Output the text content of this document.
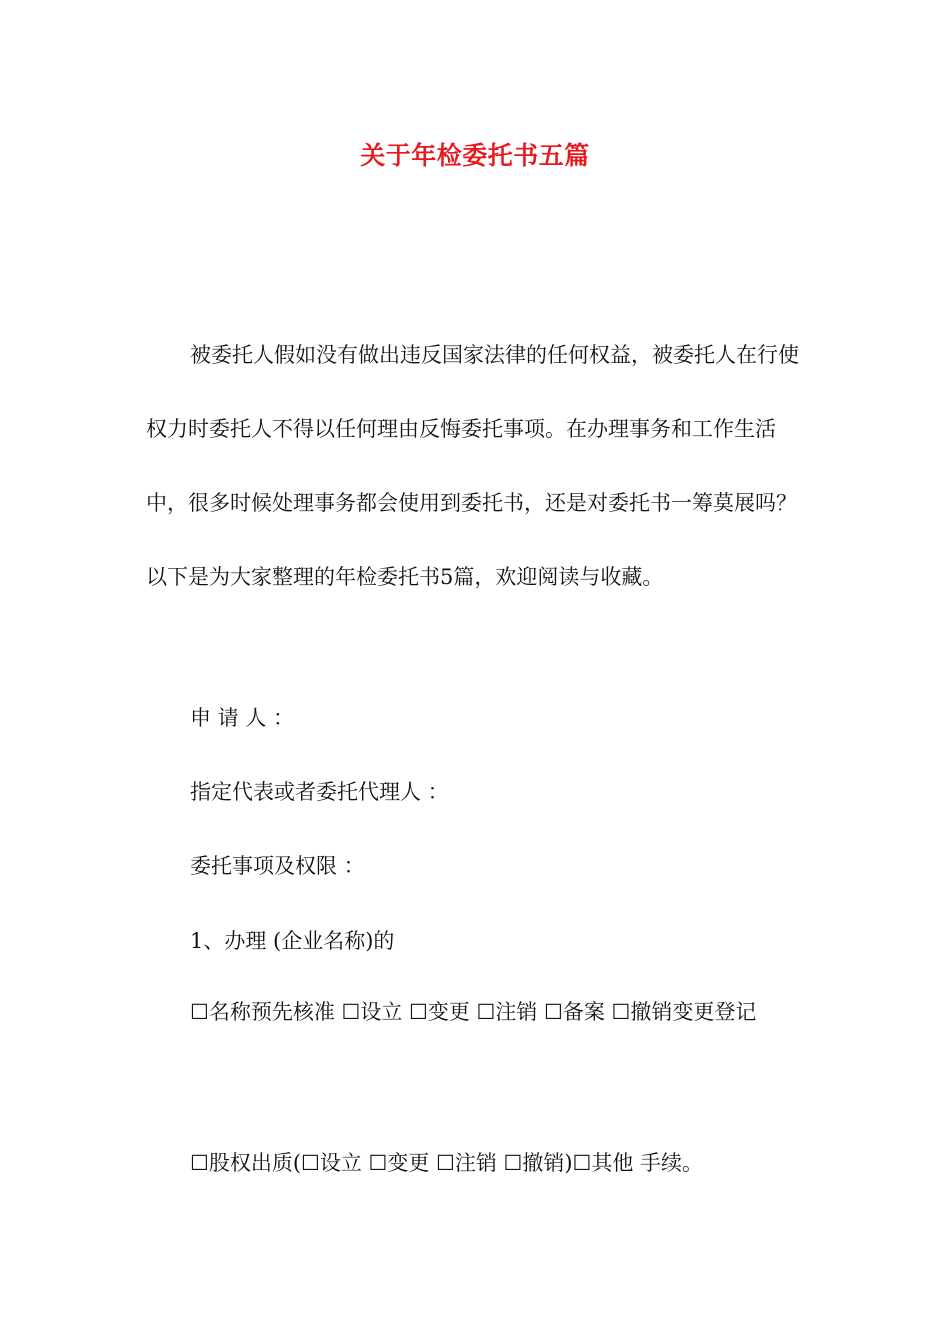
关于年检委托书五篇

被委托人假如没有做出违反国家法律的任何权益，被委托人在行使权力时委托人不得以任何理由反悔委托事项。在办理事务和工作生活中，很多时候处理事务都会使用到委托书，还是对委托书一筹莫展吗？以下是为大家整理的年检委托书5篇，欢迎阅读与收藏。

申 请 人 ：

指定代表或者委托代理人 ：

委托事项及权限 ：

1、办理 (企业名称)的

☐名称预先核准 ☐设立 ☐变更 ☐注销 ☐备案 ☐撤销变更登记

☐股权出质(☐设立 ☐变更 ☐注销 ☐撤销)☐其他 手续。
